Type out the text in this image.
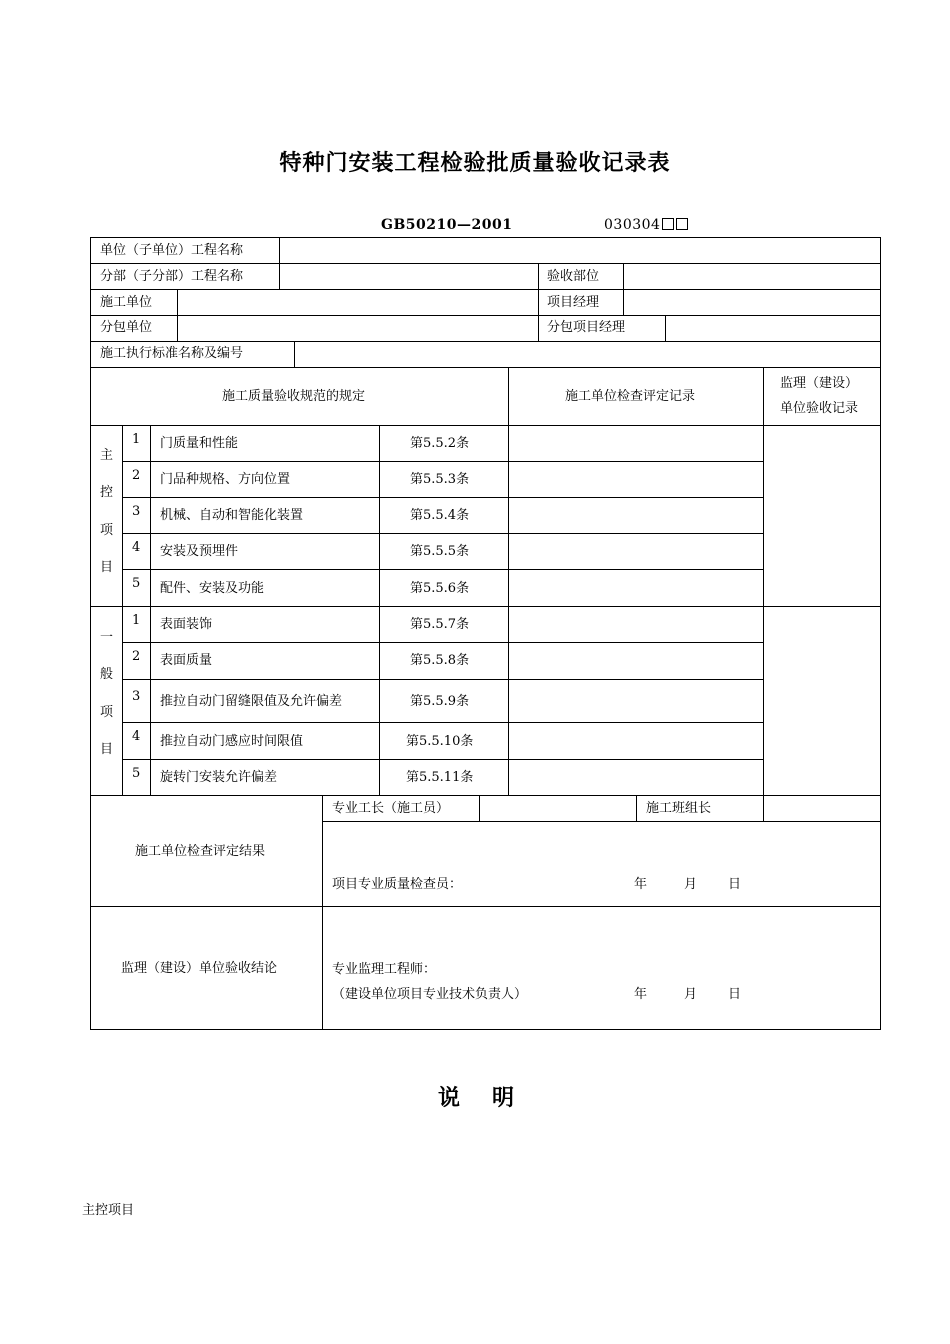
特种门安装工程检验批质量验收记录表
GB50210—2001	030304
单位（子单位）工程名称
分部（子分部）工程名称	验收部位
施工单位	项目经理
分包单位	分包项目经理
施工执行标准名称及编号
施工质量验收规范的规定	施工单位检查评定记录
监理（建设）
单位验收记录
主
控
项
目
1 门质量和性能	第5.5.2条
2 门品种规格、方向位置	第5.5.3条
3 机械、自动和智能化装置	第5.5.4条
4 安装及预埋件	第5.5.5条
5 配件、安装及功能	第5.5.6条
一
般
项
目
1 表面装饰	第5.5.7条
2 表面质量	第5.5.8条
3 推拉自动门留缝限值及允许偏差	第5.5.9条
4 推拉自动门感应时间限值	第5.5.10条
5 旋转门安装允许偏差	第5.5.11条
专业工长（施工员）	施工班组长
施工单位检查评定结果
项目专业质量检查员：	年	月 日
监理（建设）单位验收结论	专业监理工程师：
（建设单位项目专业技术负责人）	年	月 日
说 明
主控项目
